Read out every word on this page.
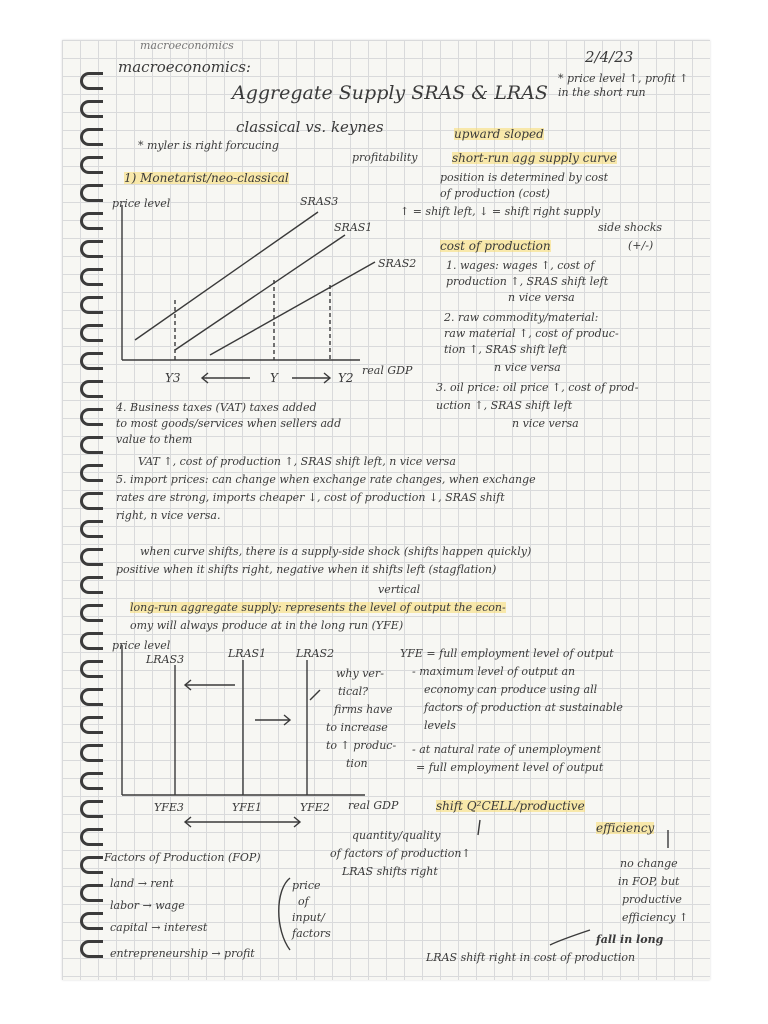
macroeconomics
macroeconomics:
2/4/23
Aggregate Supply SRAS & LRAS
* price level ↑, profit ↑ in the short run
classical vs. keynes
* myler is right forcucing
profitability
1) Monetarist/neo-classical
price level	SRAS3
SRAS1
SRAS2
real GDP
Y3	Y	Y2
upward sloped
short-run agg supply curve
position is determined by cost
of production (cost)
↑ = shift left, ↓ = shift right supply
side shocks
cost of production	(+/-)
1. wages: wages ↑, cost of
production ↑, SRAS shift left
n vice versa
2. raw commodity/material:
raw material ↑, cost of produc-
tion ↑, SRAS shift left
n vice versa
3. oil price: oil price ↑, cost of prod-
uction ↑, SRAS shift left
n vice versa
4. Business taxes (VAT) taxes added
to most goods/services when sellers add
value to them
VAT ↑, cost of production ↑, SRAS shift left, n vice versa
5. import prices: can change when exchange rate changes, when exchange
rates are strong, imports cheaper ↓, cost of production ↓, SRAS shift
right, n vice versa.
when curve shifts, there is a supply-side shock (shifts happen quickly)
positive when it shifts right, negative when it shifts left (stagflation)
vertical
long-run aggregate supply: represents the level of output the econ-
omy will always produce at in the long run (YFE)
price level
LRAS3	LRAS1	LRAS2
why ver-
tical?
firms have
to increase
to ↑ produc-
tion
YFE3	YFE1	YFE2 real GDP
YFE = full employment level of output
- maximum level of output an
economy can produce using all
factors of production at sustainable
levels
- at natural rate of unemployment
= full employment level of output
shift Q²CELL/productive
efficiency
quantity/quality
of factors of production↑
LRAS shifts right
no change
in FOP, but
productive
efficiency ↑
fall in long
LRAS shift right in cost of production
Factors of Production (FOP)
land → rent
labor → wage
capital → interest
entrepreneurship → profit
price
of
input/
factors
